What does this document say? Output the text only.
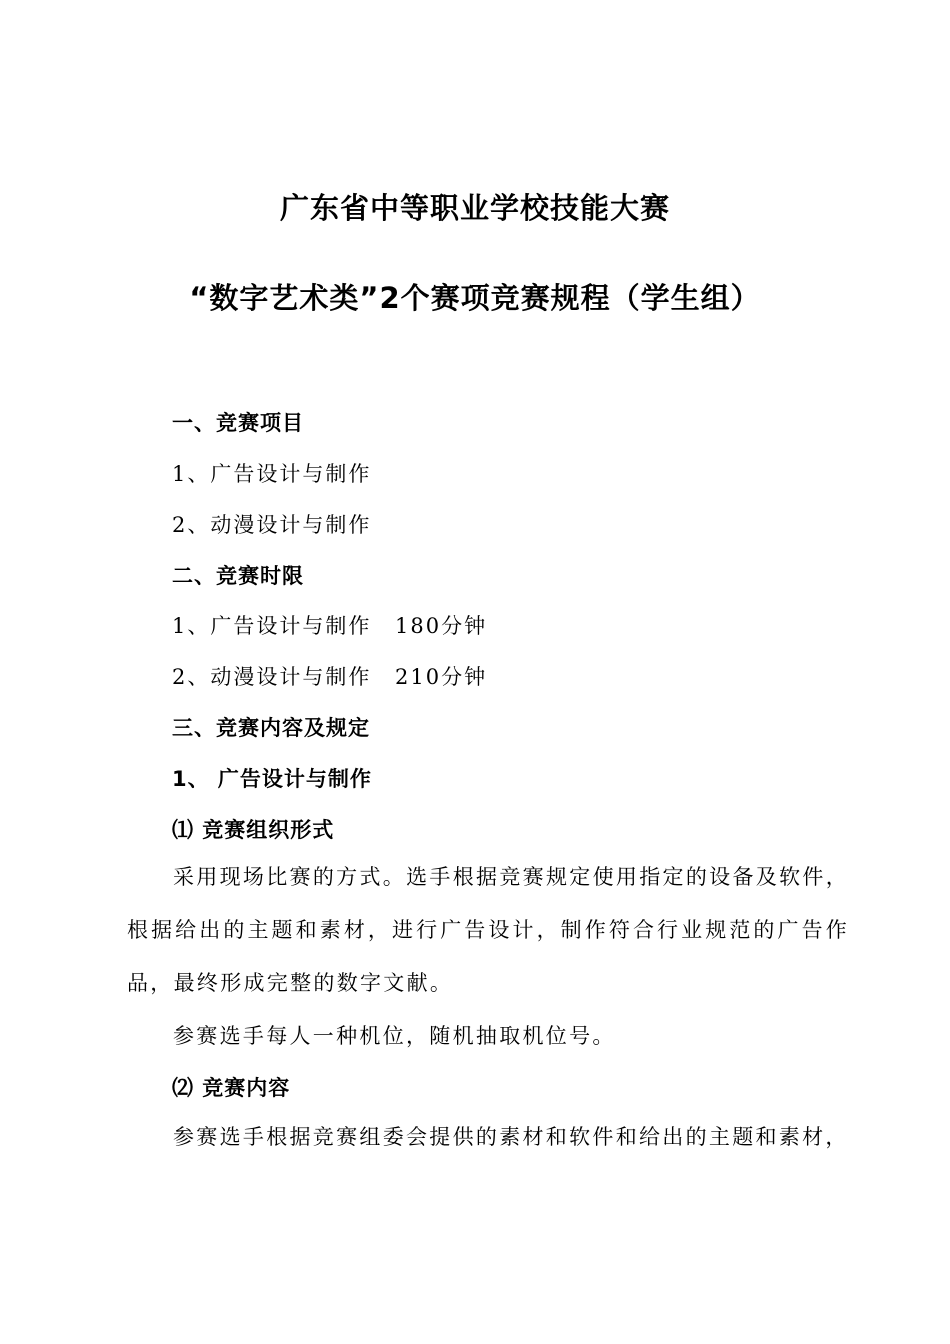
广东省中等职业学校技能大赛
“数字艺术类”2个赛项竞赛规程（学生组）
一、竞赛项目
1、广告设计与制作
2、动漫设计与制作
二、竞赛时限
1、广告设计与制作 180分钟
2、动漫设计与制作 210分钟
三、竞赛内容及规定
1、 广告设计与制作
⑴ 竞赛组织形式

采用现场比赛的方式。选手根据竞赛规定使用指定的设备及软件，根据给出的主题和素材，进行广告设计，制作符合行业规范的广告作品，最终形成完整的数字文献。

参赛选手每人一种机位，随机抽取机位号。

⑵ 竞赛内容

参赛选手根据竞赛组委会提供的素材和软件和给出的主题和素材，
